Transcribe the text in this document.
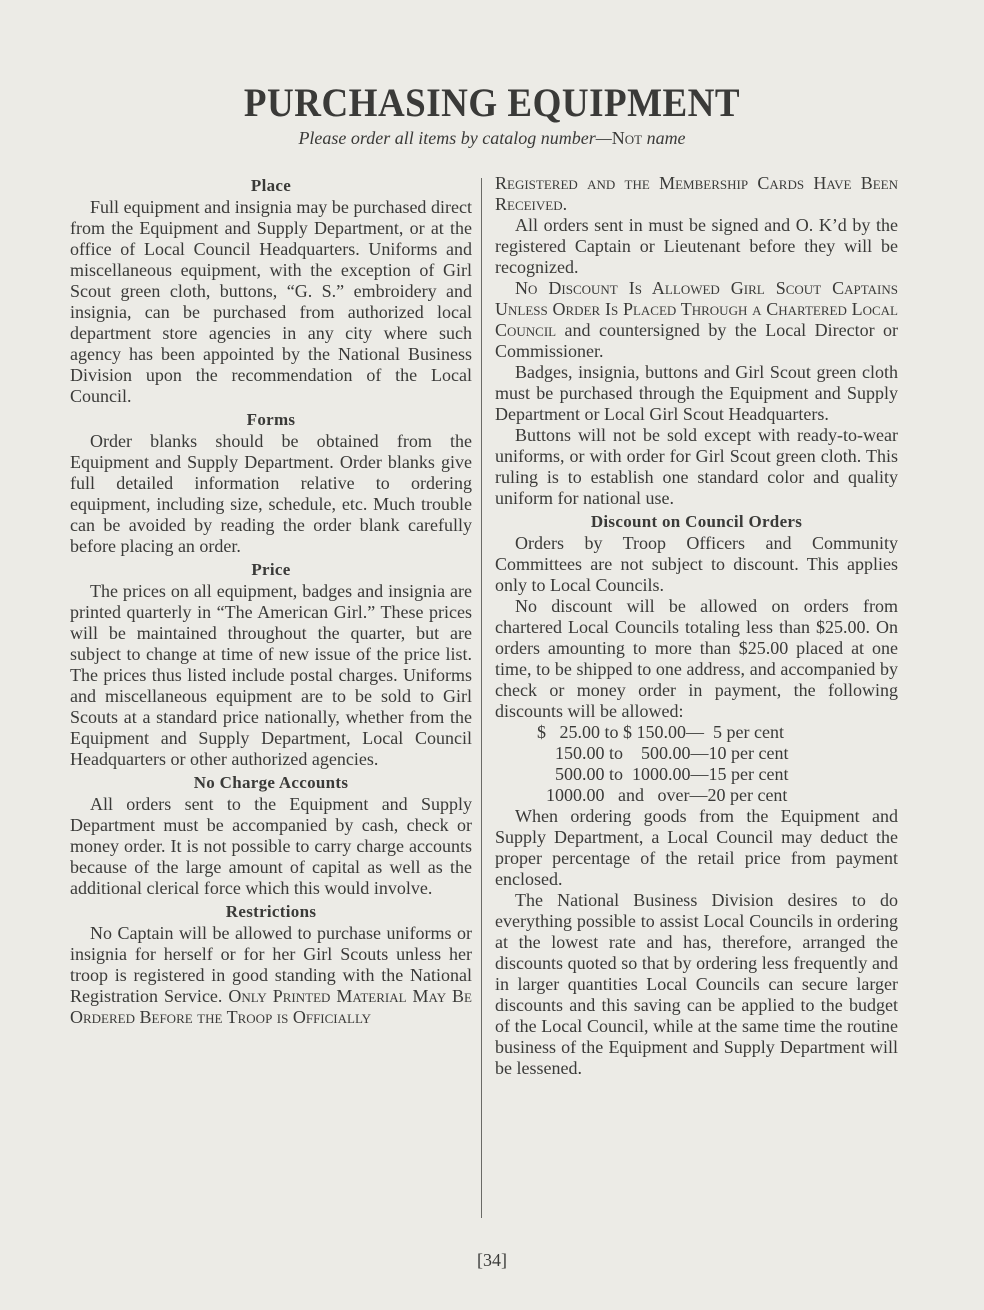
PURCHASING EQUIPMENT
Please order all items by catalog number—Not name
Place

Full equipment and insignia may be purchased direct from the Equipment and Supply Department, or at the office of Local Council Headquarters. Uniforms and miscellaneous equipment, with the exception of Girl Scout green cloth, buttons, “G. S.” embroidery and insignia, can be purchased from authorized local department store agencies in any city where such agency has been appointed by the National Business Division upon the recommendation of the Local Council.

Forms

Order blanks should be obtained from the Equipment and Supply Department. Order blanks give full detailed information relative to ordering equipment, including size, schedule, etc. Much trouble can be avoided by reading the order blank carefully before placing an order.

Price

The prices on all equipment, badges and insignia are printed quarterly in “The American Girl.” These prices will be maintained throughout the quarter, but are subject to change at time of new issue of the price list. The prices thus listed include postal charges. Uniforms and miscellaneous equipment are to be sold to Girl Scouts at a standard price nationally, whether from the Equipment and Supply Department, Local Council Headquarters or other authorized agencies.

No Charge Accounts

All orders sent to the Equipment and Supply Department must be accompanied by cash, check or money order. It is not possible to carry charge accounts because of the large amount of capital as well as the additional clerical force which this would involve.

Restrictions

No Captain will be allowed to purchase uniforms or insignia for herself or for her Girl Scouts unless her troop is registered in good standing with the National Registration Service. Only Printed Material May Be Ordered Before the Troop is Officially

Registered and the Membership Cards Have Been Received.

All orders sent in must be signed and O. K’d by the registered Captain or Lieutenant before they will be recognized.

No Discount Is Allowed Girl Scout Captains Unless Order Is Placed Through a Chartered Local Council and countersigned by the Local Director or Commissioner.

Badges, insignia, buttons and Girl Scout green cloth must be purchased through the Equipment and Supply Department or Local Girl Scout Headquarters.

Buttons will not be sold except with ready-to-wear uniforms, or with order for Girl Scout green cloth. This ruling is to establish one standard color and quality uniform for national use.

Discount on Council Orders

Orders by Troop Officers and Community Committees are not subject to discount. This applies only to Local Councils.

No discount will be allowed on orders from chartered Local Councils totaling less than $25.00. On orders amounting to more than $25.00 placed at one time, to be shipped to one address, and accompanied by check or money order in payment, the following discounts will be allowed:

$   25.00 to $ 150.00—  5 per cent
150.00 to    500.00—10 per cent
500.00 to  1000.00—15 per cent
1000.00   and   over—20 per cent

When ordering goods from the Equipment and Supply Department, a Local Council may deduct the proper percentage of the retail price from payment enclosed.

The National Business Division desires to do everything possible to assist Local Councils in ordering at the lowest rate and has, therefore, arranged the discounts quoted so that by ordering less frequently and in larger quantities Local Councils can secure larger discounts and this saving can be applied to the budget of the Local Council, while at the same time the routine business of the Equipment and Supply Department will be lessened.

[34]
